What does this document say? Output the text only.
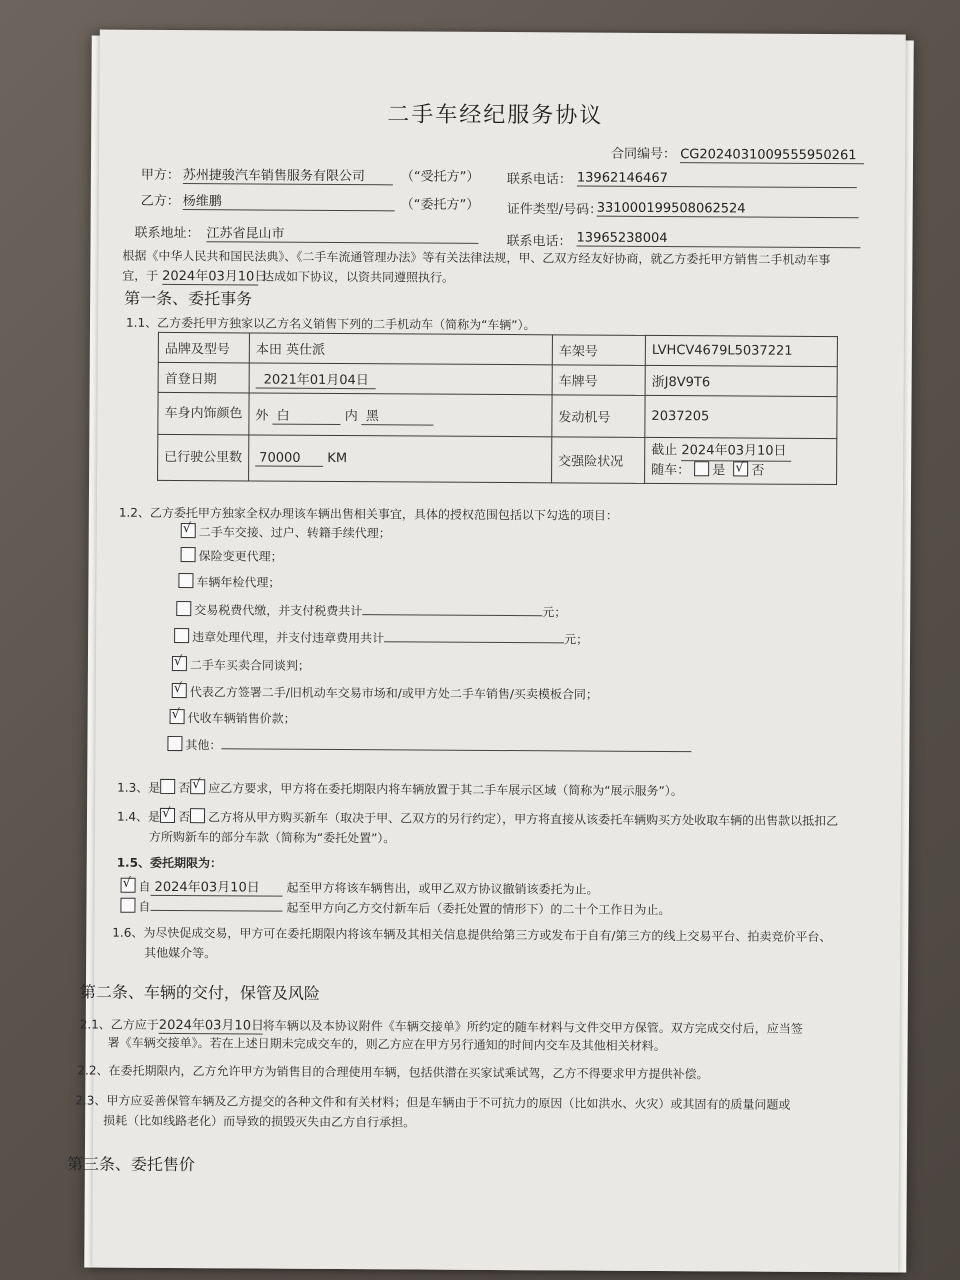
二手车经纪服务协议
合同编号： CG2024031009555950261
甲方： 苏州捷骏汽车销售服务有限公司	（“受托方”） 联系电话： 13962146467
乙方： 杨维鹏	（“委托方”） 证件类型/号码：
331000199508062524
联系地址： 江苏省昆山市
联系电话： 13965238004
根据《中华人民共和国民法典》、《二手车流通管理办法》等有关法律法规，甲、乙双方经友好协商，就乙方委托甲方销售二手机动车事
宜，于 2024年03月10日 达成如下协议，以资共同遵照执行。
第一条、委托事务
1.1、乙方委托甲方独家以乙方名义销售下列的二手机动车（简称为“车辆”）。
品牌及型号	本田 英仕派	车架号	LVHCV4679L5037221
首登日期	2021年01月04日	车牌号	浙J8V9T6
车身内饰颜色	外 白 内 黑	发动机号	2037205
已行驶公里数	70000 KM	交强险状况	截止 2024年03月10日
随车： 是 √ 否
1.2、乙方委托甲方独家全权办理该车辆出售相关事宜，具体的授权范围包括以下勾选的项目：
√二手车交接、过户、转籍手续代理；
保险变更代理；
车辆年检代理；
交易税费代缴，并支付税费共计	元；
违章处理代理，并支付违章费用共计	元；
√二手车买卖合同谈判；
√代表乙方签署二手/旧机动车交易市场和/或甲方处二手车销售/买卖模板合同；
√代收车辆销售价款；
其他：
1.3、是 否 √ 应乙方要求，甲方将在委托期限内将车辆放置于其二手车展示区域（简称为“展示服务”）。
1.4、是 √ 否 乙方将从甲方购买新车（取决于甲、乙双方的另行约定），甲方将直接从该委托车辆购买方处收取车辆的出售款以抵扣乙
方所购新车的部分车款（简称为“委托处置”）。
1.5、委托期限为：
√自 2024年03月10日 起至甲方将该车辆售出，或甲乙双方协议撤销该委托为止。
自	起至甲方向乙方交付新车后（委托处置的情形下）的二十个工作日为止。
1.6、为尽快促成交易，甲方可在委托期限内将该车辆及其相关信息提供给第三方或发布于自有/第三方的线上交易平台、拍卖竞价平台、
其他媒介等。
第二条、车辆的交付，保管及风险
2.1、乙方应于2024年03月10日将车辆以及本协议附件《车辆交接单》所约定的随车材料与文件交甲方保管。双方完成交付后，应当签
署《车辆交接单》。若在上述日期未完成交车的，则乙方应在甲方另行通知的时间内交车及其他相关材料。
2.2、在委托期限内，乙方允许甲方为销售目的合理使用车辆，包括供潜在买家试乘试驾，乙方不得要求甲方提供补偿。
2.3、甲方应妥善保管车辆及乙方提交的各种文件和有关材料；但是车辆由于不可抗力的原因（比如洪水、火灾）或其固有的质量问题或
损耗（比如线路老化）而导致的损毁灭失由乙方自行承担。
第三条、委托售价
